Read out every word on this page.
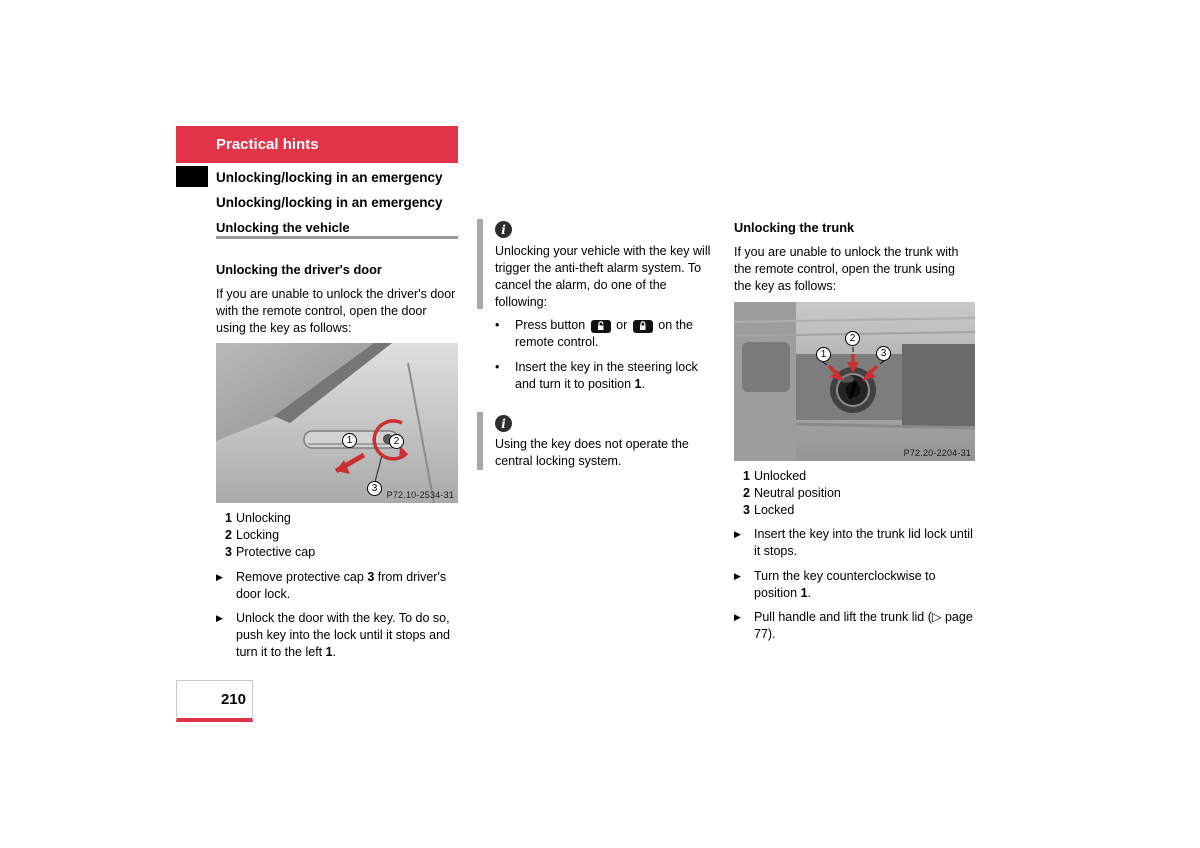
Practical hints
Unlocking/locking in an emergency
Unlocking/locking in an emergency
Unlocking the vehicle
Unlocking the driver's door
If you are unable to unlock the driver's door with the remote control, open the door using the key as follows:
1	2
3
P72.10-2534-31
1 Unlocking
2 Locking
3 Protective cap
▶	Remove protective cap 3 from driver's door lock.
▶	Unlock the door with the key. To do so, push key into the lock until it stops and turn it to the left 1.
i
Unlocking your vehicle with the key will trigger the anti-theft alarm system. To cancel the alarm, do one of the following:
•	Press button or on the remote control.
•	Insert the key in the steering lock and turn it to position 1.
i
Using the key does not operate the central locking system.
Unlocking the trunk
If you are unable to unlock the trunk with the remote control, open the trunk using the key as follows:
1
2
3
P72.20-2204-31
1 Unlocked
2 Neutral position
3 Locked
▶	Insert the key into the trunk lid lock until it stops.
▶	Turn the key counterclockwise to position 1.
▶	Pull handle and lift the trunk lid (▷ page 77).
210
